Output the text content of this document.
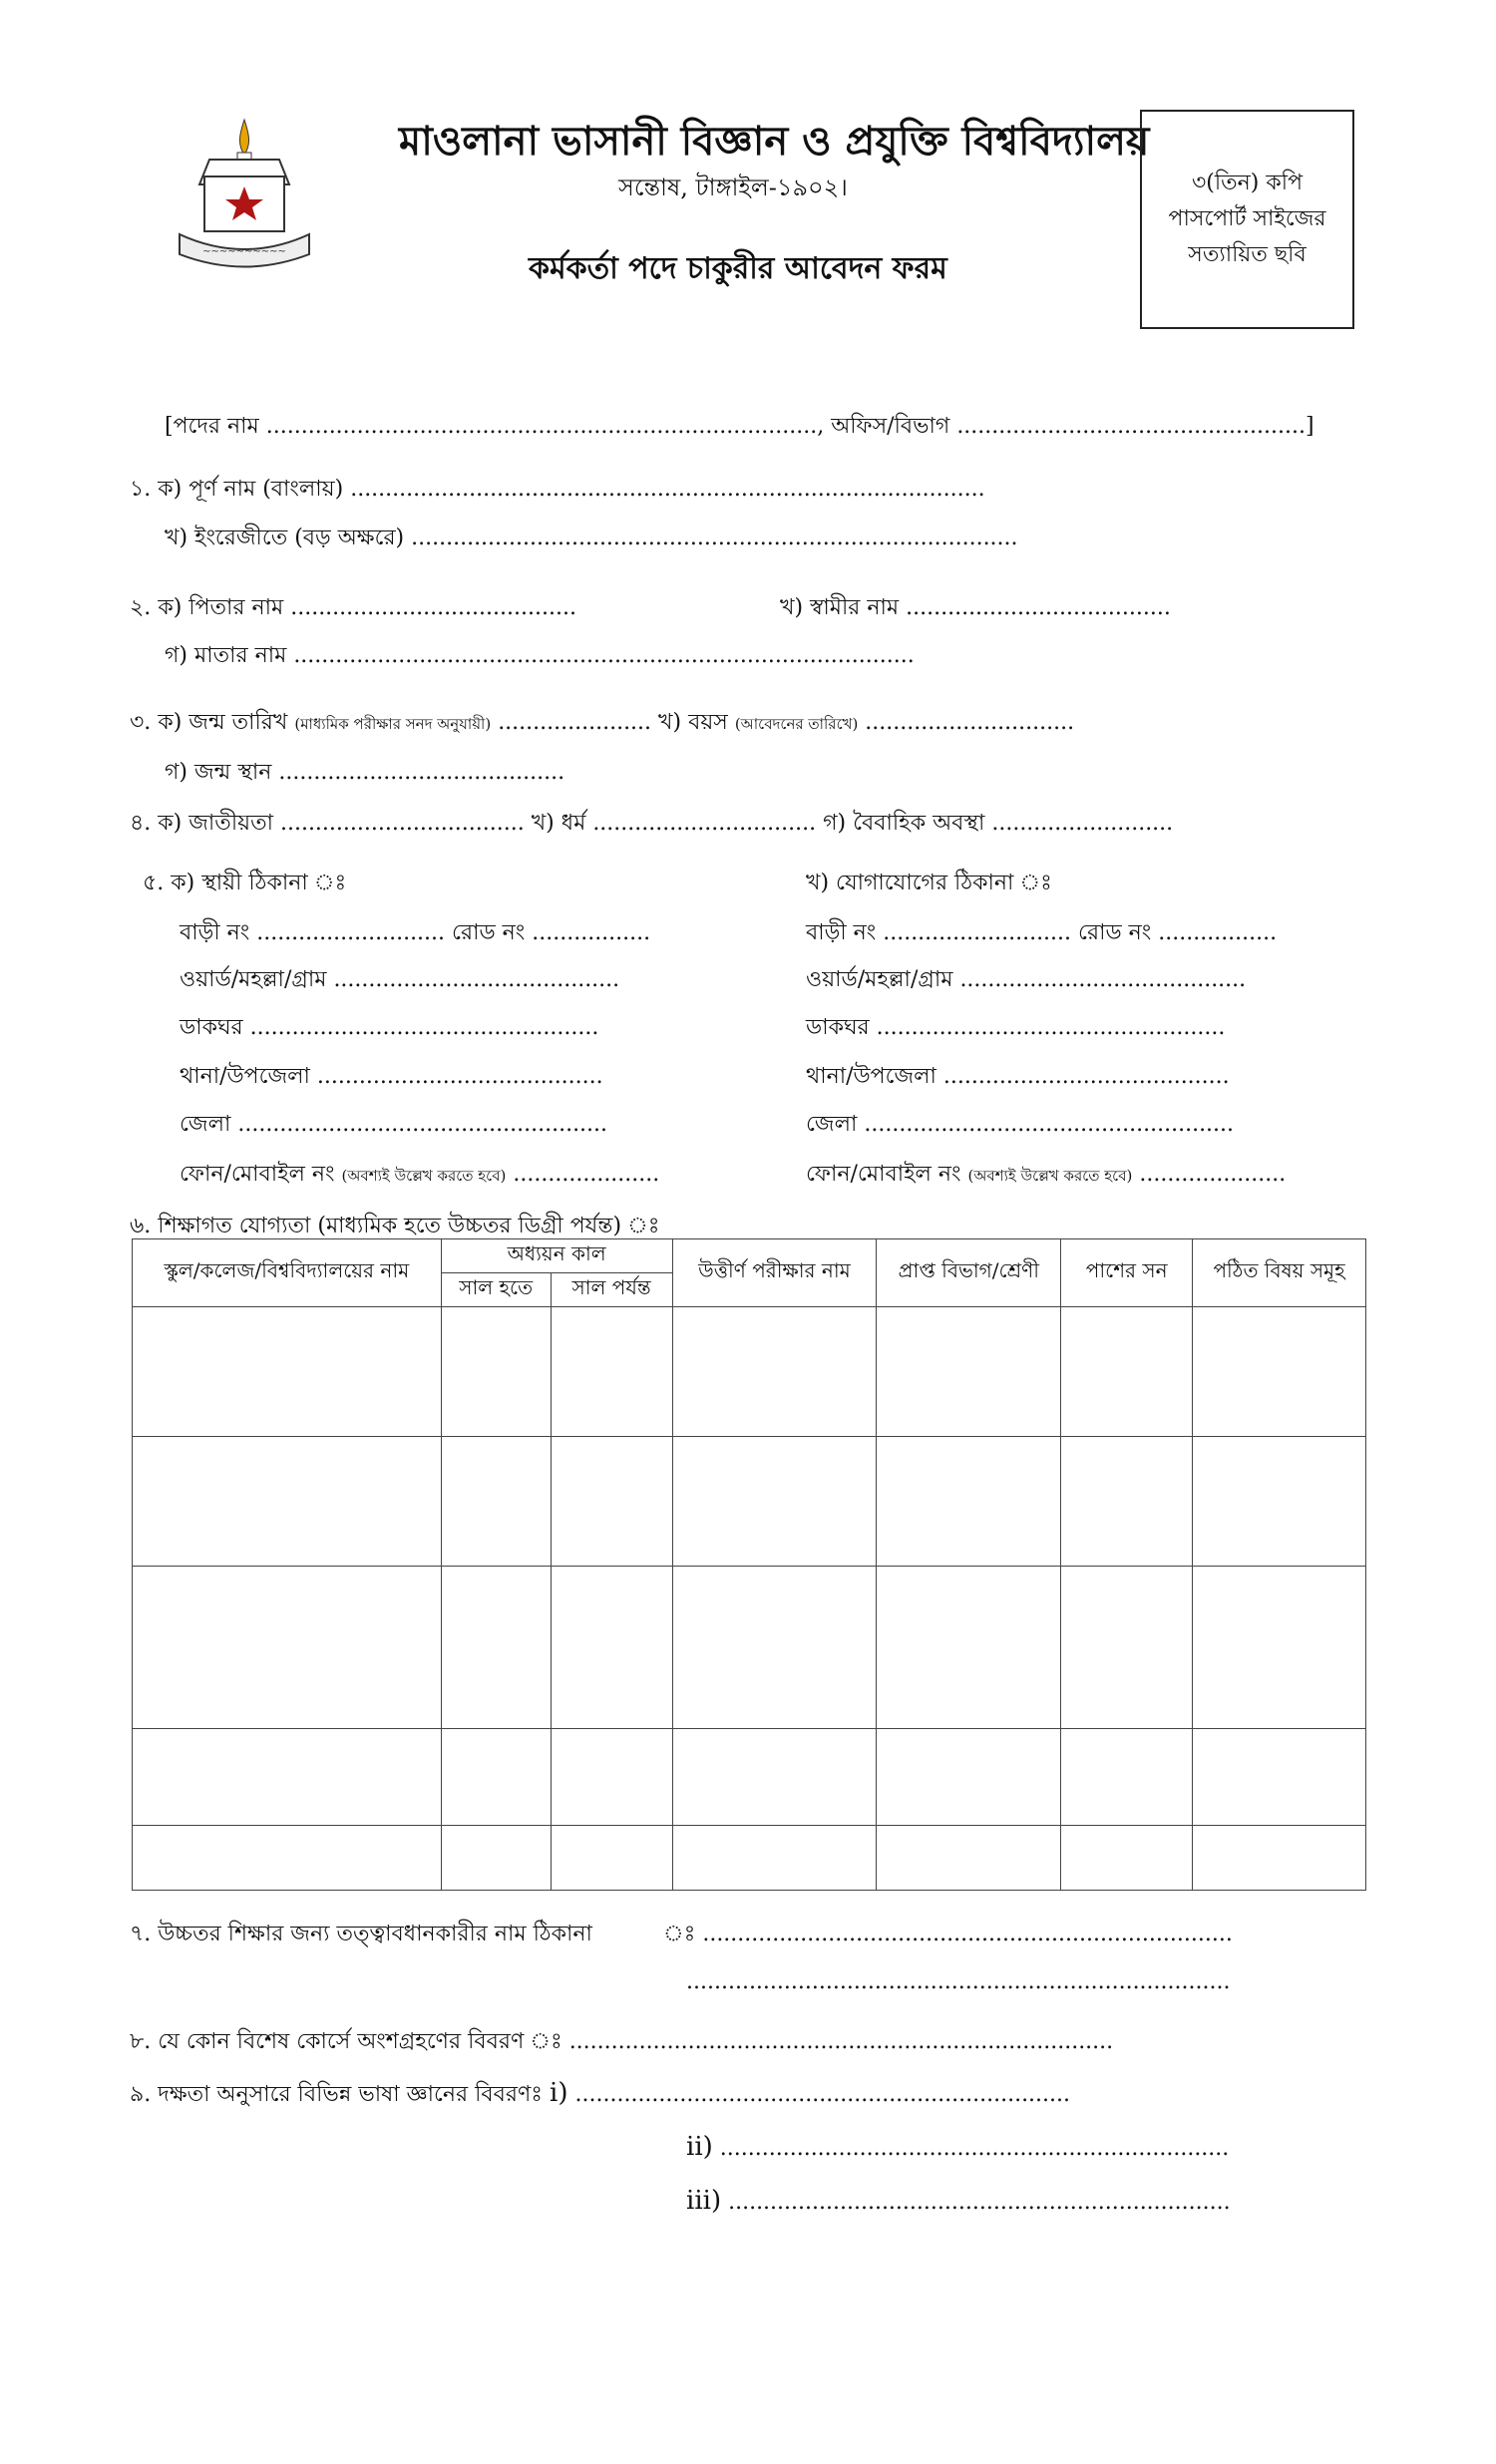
~~~~~~~~~~
মাওলানা ভাসানী বিজ্ঞান ও প্রযুক্তি বিশ্ববিদ্যালয়
সন্তোষ, টাঙ্গাইল-১৯০২।
কর্মকর্তা পদে চাকুরীর আবেদন ফরম
৩(তিন) কপি
পাসপোর্ট সাইজের
সত্যায়িত ছবি
[পদের নাম ..............................................................................., অফিস/বিভাগ ..................................................]
১. ক) পূর্ণ নাম (বাংলায়) ...........................................................................................
খ) ইংরেজীতে (বড় অক্ষরে) .......................................................................................
২. ক) পিতার নাম .........................................	খ) স্বামীর নাম ......................................
গ) মাতার নাম .........................................................................................
৩. ক) জন্ম তারিখ (মাধ্যমিক পরীক্ষার সনদ অনুযায়ী) ...................... খ) বয়স (আবেদনের তারিখে) ..............................
গ) জন্ম স্থান .........................................
৪. ক) জাতীয়তা ................................... খ) ধর্ম ................................ গ) বৈবাহিক অবস্থা ..........................
৫. ক) স্থায়ী ঠিকানা ঃ	খ) যোগাযোগের ঠিকানা ঃ
বাড়ী নং ........................... রোড নং .................
ওয়ার্ড/মহল্লা/গ্রাম .........................................
ডাকঘর ..................................................
থানা/উপজেলা .........................................
জেলা .....................................................
ফোন/মোবাইল নং (অবশ্যই উল্লেখ করতে হবে) .....................
বাড়ী নং ........................... রোড নং .................
ওয়ার্ড/মহল্লা/গ্রাম .........................................
ডাকঘর ..................................................
থানা/উপজেলা .........................................
জেলা .....................................................
ফোন/মোবাইল নং (অবশ্যই উল্লেখ করতে হবে) .....................
৬. শিক্ষাগত যোগ্যতা (মাধ্যমিক হতে উচ্চতর ডিগ্রী পর্যন্ত) ঃ
স্কুল/কলেজ/বিশ্ববিদ্যালয়ের নাম	অধ্যয়ন কাল		উত্তীর্ণ পরীক্ষার নাম	প্রাপ্ত বিভাগ/শ্রেণী	পাশের সন	পঠিত বিষয় সমূহ
	সাল হতে	সাল পর্যন্ত				

৭. উচ্চতর শিক্ষার জন্য তত্ত্বাবধানকারীর নাম ঠিকানা	ঃ ............................................................................
..............................................................................
৮. যে কোন বিশেষ কোর্সে অংশগ্রহণের বিবরণ ঃ ..............................................................................
৯. দক্ষতা অনুসারে বিভিন্ন ভাষা জ্ঞানের বিবরণঃ i) .......................................................................
ii) .........................................................................
iii) ........................................................................
